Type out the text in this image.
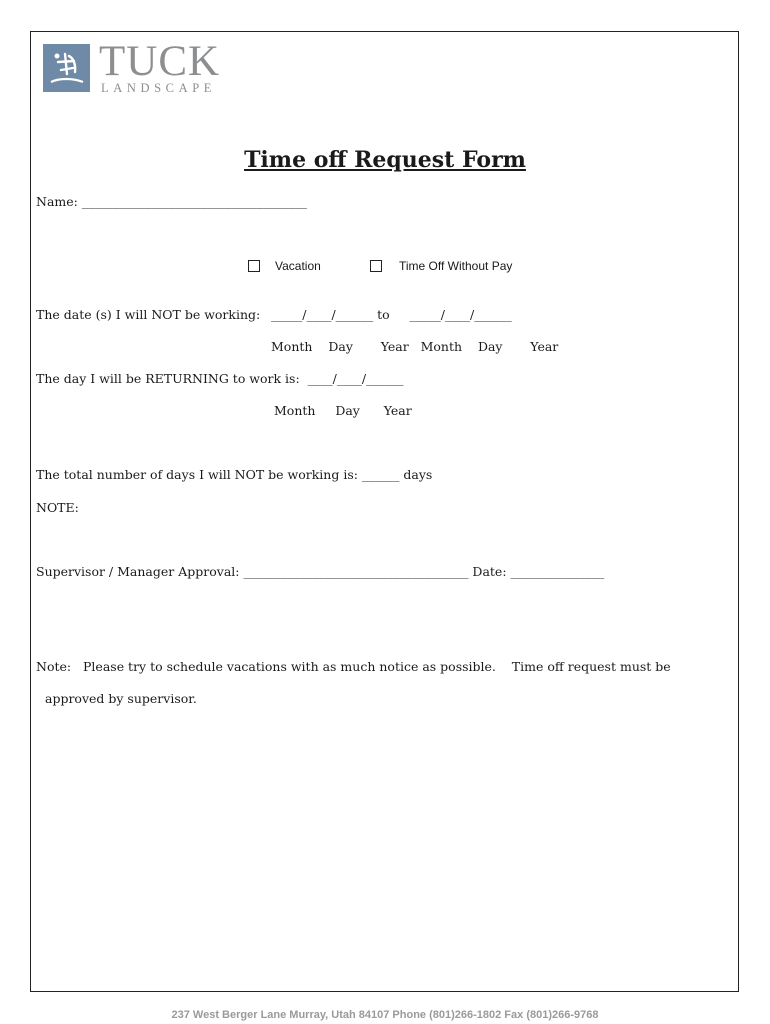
TUCK
LANDSCAPE
Time off Request Form
Name: ____________________________________
Vacation	Time Off Without Pay
The date (s) I will NOT be working: _____/____/______ to     _____/____/______
Month    Day       Year   Month    Day       Year
The day I will be RETURNING to work is:  ____/____/______
Month     Day      Year
The total number of days I will NOT be working is: ______ days
NOTE:
Supervisor / Manager Approval: ____________________________________ Date: _______________
Note:   Please try to schedule vacations with as much notice as possible.    Time off request must be
approved by supervisor.
237 West Berger Lane Murray, Utah 84107 Phone (801)266-1802 Fax (801)266-9768
